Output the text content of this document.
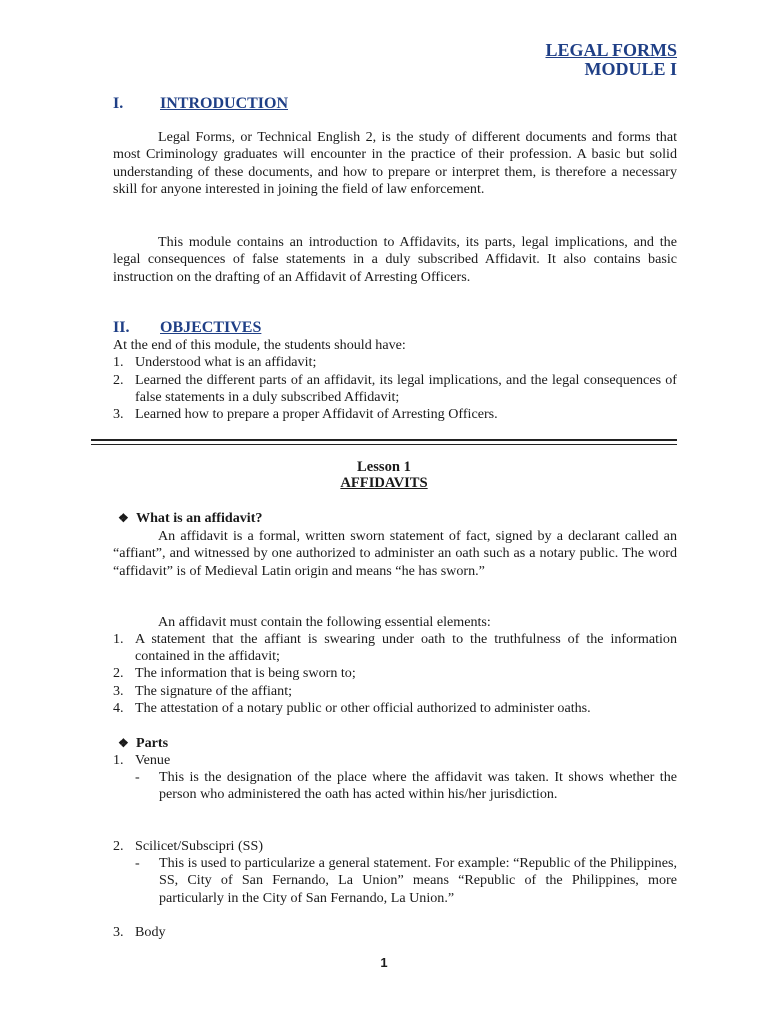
LEGAL FORMS
MODULE I
I. INTRODUCTION

Legal Forms, or Technical English 2, is the study of different documents and forms that most Criminology graduates will encounter in the practice of their profession. A basic but solid understanding of these documents, and how to prepare or interpret them, is therefore a necessary skill for anyone interested in joining the field of law enforcement.

This module contains an introduction to Affidavits, its parts, legal implications, and the legal consequences of false statements in a duly subscribed Affidavit. It also contains basic instruction on the drafting of an Affidavit of Arresting Officers.

II. OBJECTIVES
At the end of this module, the students should have:
1. Understood what is an affidavit;
2. Learned the different parts of an affidavit, its legal implications, and the legal consequences of false statements in a duly subscribed Affidavit;
3. Learned how to prepare a proper Affidavit of Arresting Officers.
Lesson 1
AFFIDAVITS
❖ What is an affidavit?

An affidavit is a formal, written sworn statement of fact, signed by a declarant called an “affiant”, and witnessed by one authorized to administer an oath such as a notary public. The word “affidavit” is of Medieval Latin origin and means “he has sworn.”

An affidavit must contain the following essential elements:
1. A statement that the affiant is swearing under oath to the truthfulness of the information contained in the affidavit;
2. The information that is being sworn to;
3. The signature of the affiant;
4. The attestation of a notary public or other official authorized to administer oaths.
❖ Parts
1. Venue
- This is the designation of the place where the affidavit was taken. It shows whether the person who administered the oath has acted within his/her jurisdiction.
2. Scilicet/Subscipri (SS)
- This is used to particularize a general statement. For example: “Republic of the Philippines, SS, City of San Fernando, La Union” means “Republic of the Philippines, more particularly in the City of San Fernando, La Union.”
3. Body
1
